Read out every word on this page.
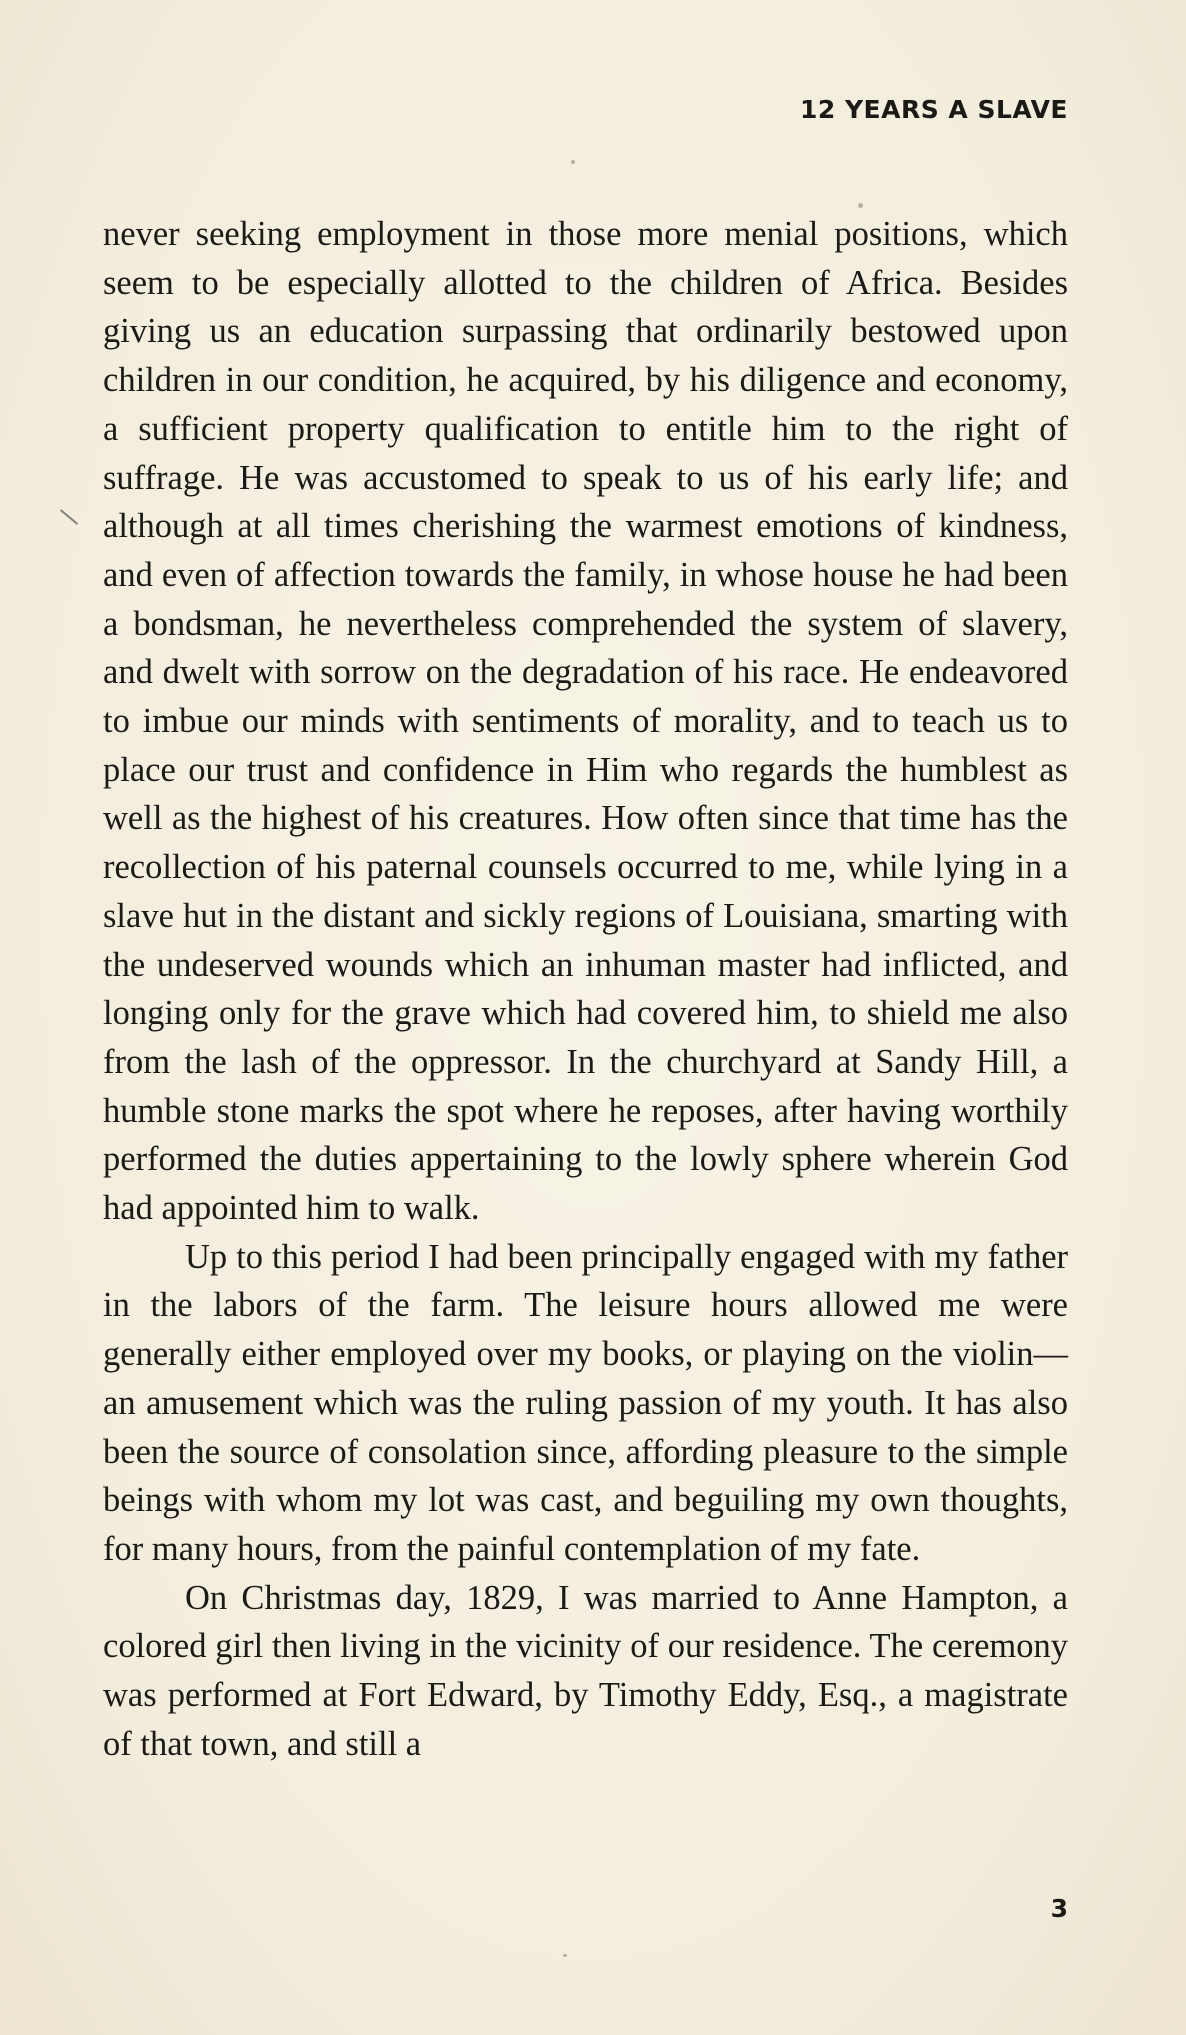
12 YEARS A SLAVE

never seeking employment in those more menial positions, which seem to be especially allotted to the children of Africa. Besides giving us an education surpassing that ordinarily bestowed upon children in our condition, he acquired, by his diligence and economy, a sufficient property qualification to entitle him to the right of suffrage. He was accustomed to speak to us of his early life; and although at all times cherishing the warmest emotions of kindness, and even of affection towards the family, in whose house he had been a bondsman, he nevertheless comprehended the system of slavery, and dwelt with sorrow on the degradation of his race. He endeavored to imbue our minds with sentiments of morality, and to teach us to place our trust and confidence in Him who regards the humblest as well as the highest of his creatures. How often since that time has the recollection of his paternal counsels occurred to me, while lying in a slave hut in the distant and sickly regions of Louisiana, smarting with the undeserved wounds which an inhuman master had inflicted, and longing only for the grave which had covered him, to shield me also from the lash of the oppressor. In the churchyard at Sandy Hill, a humble stone marks the spot where he reposes, after having worthily performed the duties appertaining to the lowly sphere wherein God had appointed him to walk.

Up to this period I had been principally engaged with my father in the labors of the farm. The leisure hours allowed me were generally either employed over my books, or playing on the violin—an amusement which was the ruling passion of my youth. It has also been the source of consolation since, affording pleasure to the simple beings with whom my lot was cast, and beguiling my own thoughts, for many hours, from the painful contemplation of my fate.

On Christmas day, 1829, I was married to Anne Hampton, a colored girl then living in the vicinity of our residence. The ceremony was performed at Fort Edward, by Timothy Eddy, Esq., a magistrate of that town, and still a

3
